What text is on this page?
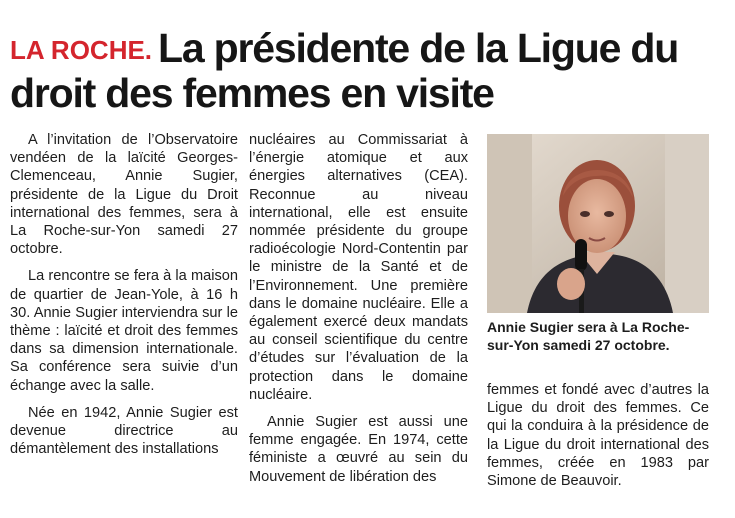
LA ROCHE. La présidente de la Ligue du droit des femmes en visite

A l’invitation de l’Observatoire vendéen de la laïcité Georges-Clemenceau, Annie Sugier, présidente de la Ligue du Droit international des femmes, sera à La Roche-sur-Yon samedi 27 octobre.

La rencontre se fera à la maison de quartier de Jean-Yole, à 16 h 30. Annie Sugier interviendra sur le thème : laïcité et droit des femmes dans sa dimension internationale. Sa conférence sera suivie d’un échange avec la salle.

Née en 1942, Annie Sugier est devenue directrice au démantèlement des installations

nucléaires au Commissariat à l’énergie atomique et aux énergies alternatives (CEA). Reconnue au niveau international, elle est ensuite nommée présidente du groupe radioécologie Nord-Contentin par le ministre de la Santé et de l’Environnement. Une première dans le domaine nucléaire. Elle a également exercé deux mandats au conseil scientifique du centre d’études sur l’évaluation de la protection dans le domaine nucléaire.

Annie Sugier est aussi une femme engagée. En 1974, cette féministe a œuvré au sein du Mouvement de libération des

Annie Sugier sera à La Roche-sur-Yon samedi 27 octobre.

femmes et fondé avec d’autres la Ligue du droit des femmes. Ce qui la conduira à la présidence de la Ligue du droit international des femmes, créée en 1983 par Simone de Beauvoir.
